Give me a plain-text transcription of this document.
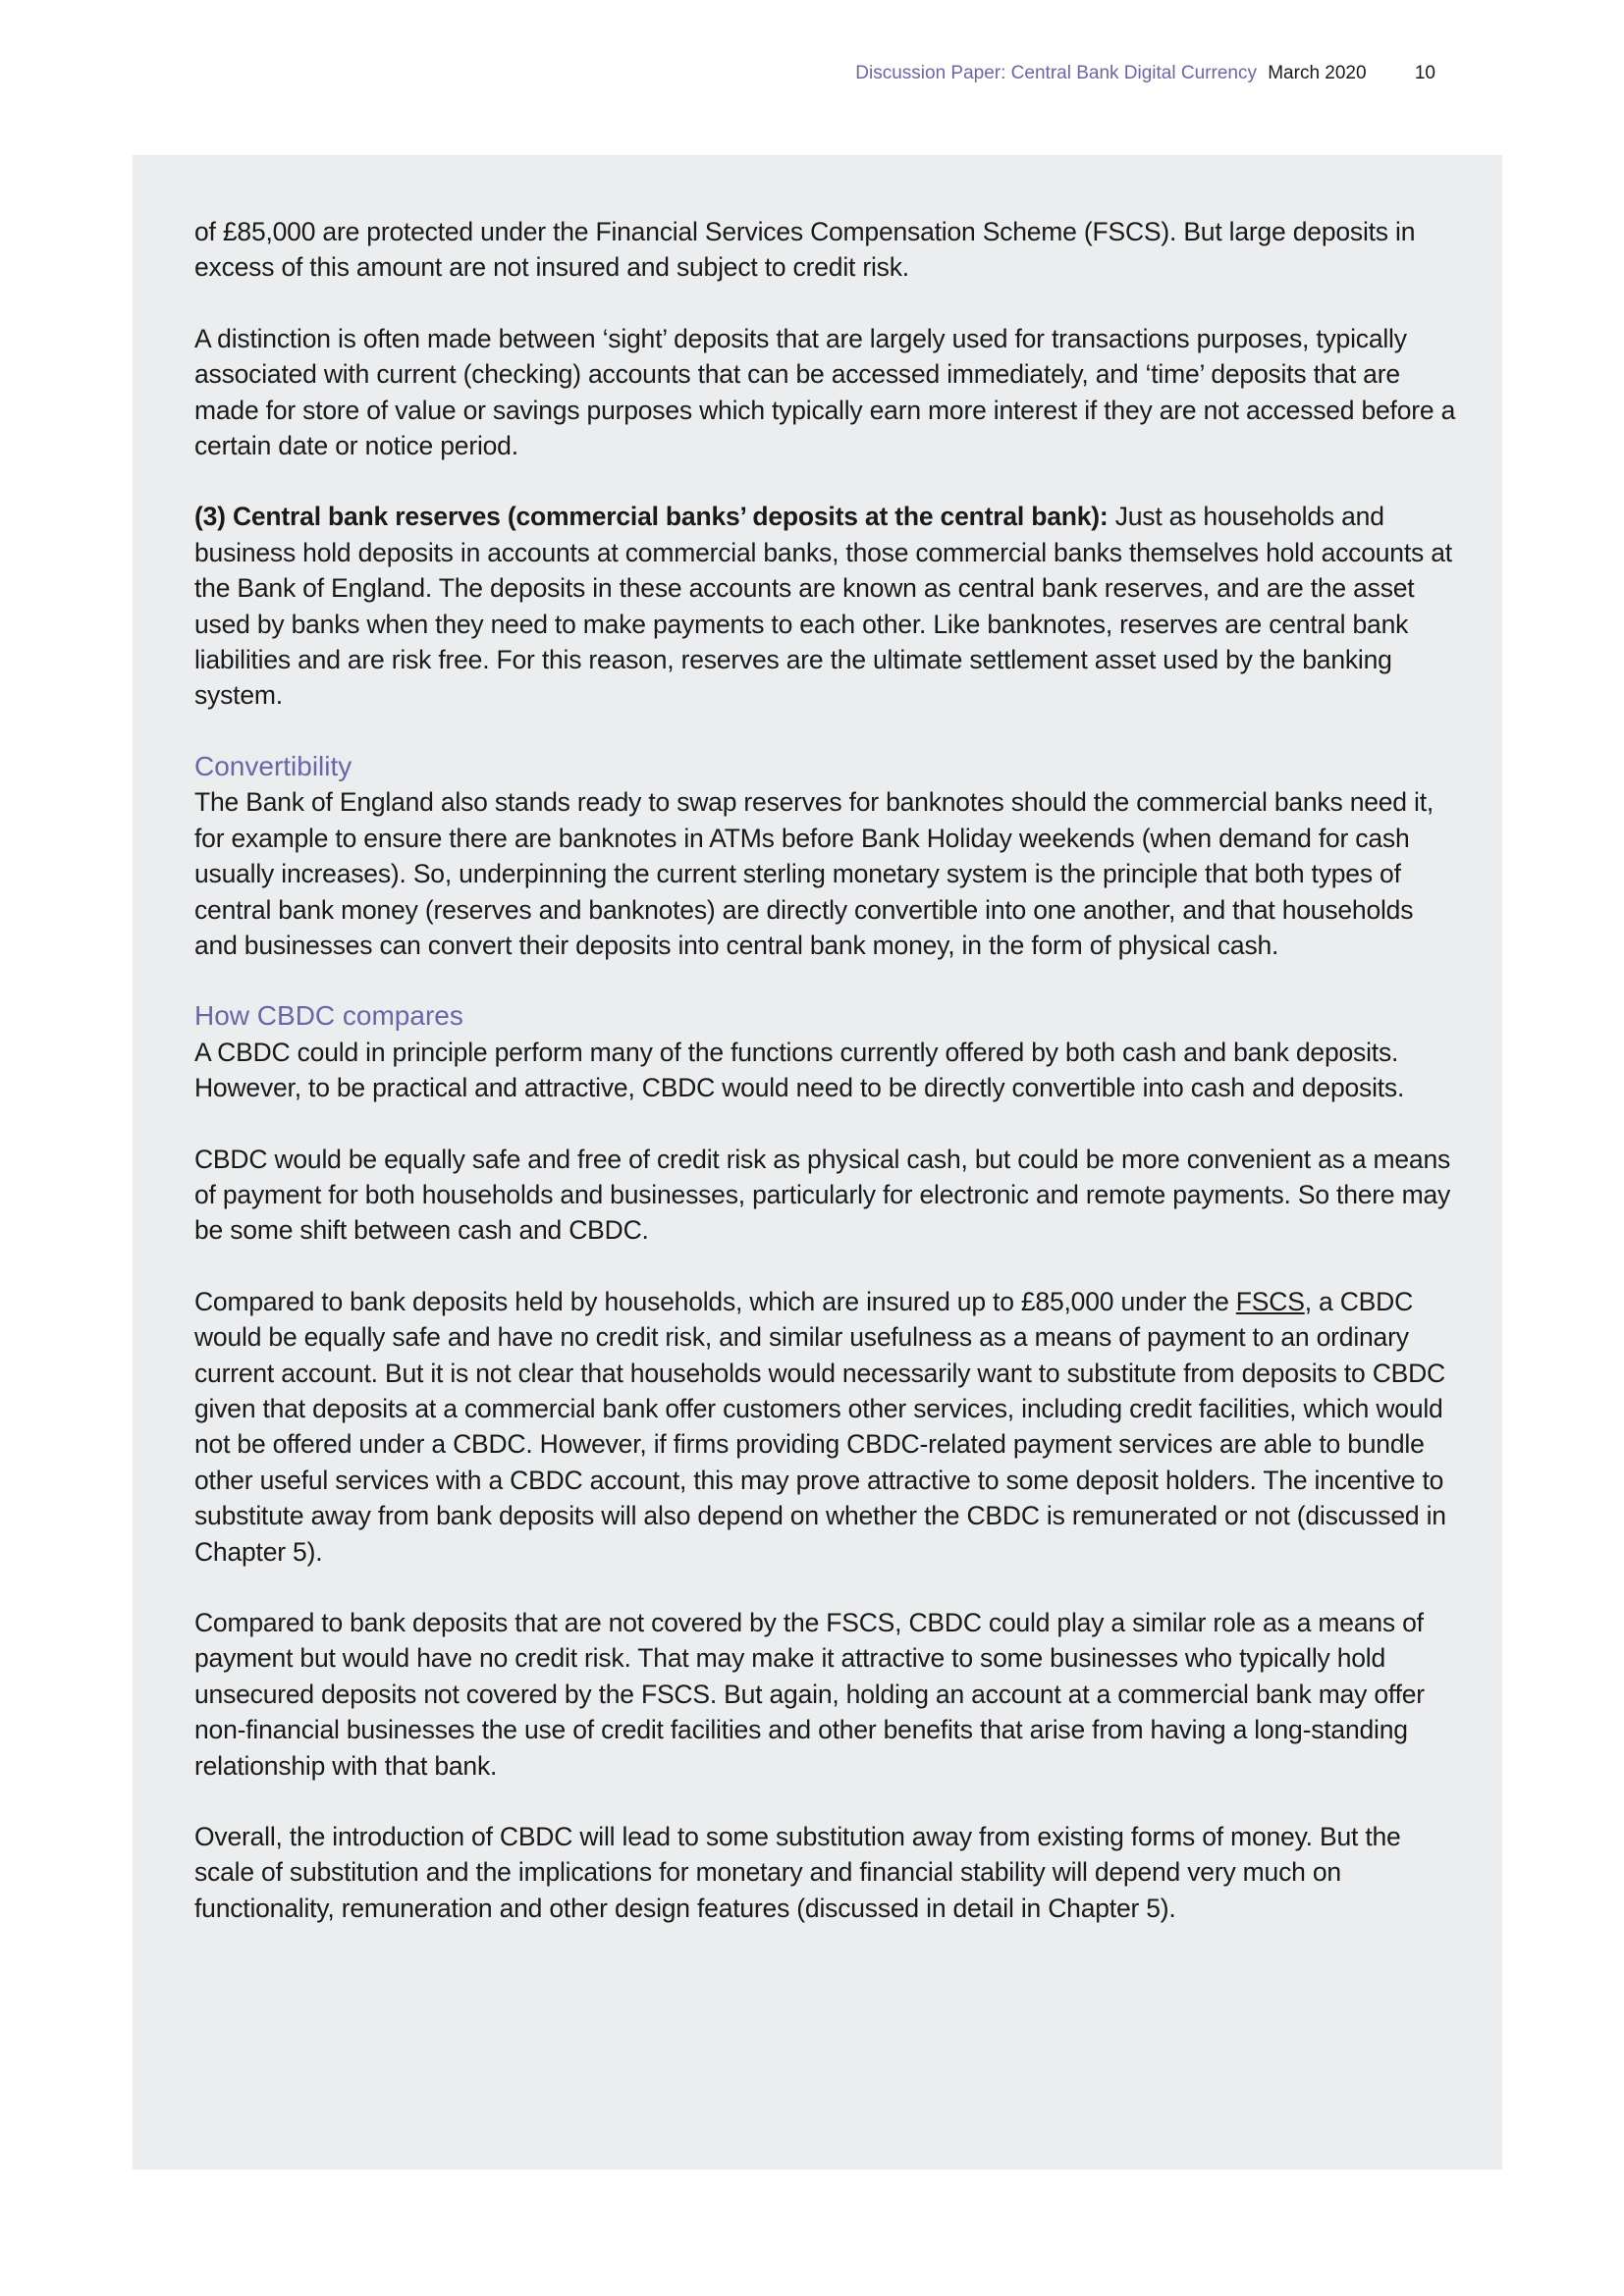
Discussion Paper: Central Bank Digital Currency March 2020	10

of £85,000 are protected under the Financial Services Compensation Scheme (FSCS). But large deposits in excess of this amount are not insured and subject to credit risk.

A distinction is often made between ‘sight’ deposits that are largely used for transactions purposes, typically associated with current (checking) accounts that can be accessed immediately, and ‘time’ deposits that are made for store of value or savings purposes which typically earn more interest if they are not accessed before a certain date or notice period.

(3) Central bank reserves (commercial banks’ deposits at the central bank): Just as households and business hold deposits in accounts at commercial banks, those commercial banks themselves hold accounts at the Bank of England. The deposits in these accounts are known as central bank reserves, and are the asset used by banks when they need to make payments to each other. Like banknotes, reserves are central bank liabilities and are risk free. For this reason, reserves are the ultimate settlement asset used by the banking system.

Convertibility

The Bank of England also stands ready to swap reserves for banknotes should the commercial banks need it, for example to ensure there are banknotes in ATMs before Bank Holiday weekends (when demand for cash usually increases). So, underpinning the current sterling monetary system is the principle that both types of central bank money (reserves and banknotes) are directly convertible into one another, and that households and businesses can convert their deposits into central bank money, in the form of physical cash.

How CBDC compares

A CBDC could in principle perform many of the functions currently offered by both cash and bank deposits. However, to be practical and attractive, CBDC would need to be directly convertible into cash and deposits.

CBDC would be equally safe and free of credit risk as physical cash, but could be more convenient as a means of payment for both households and businesses, particularly for electronic and remote payments. So there may be some shift between cash and CBDC.

Compared to bank deposits held by households, which are insured up to £85,000 under the FSCS, a CBDC would be equally safe and have no credit risk, and similar usefulness as a means of payment to an ordinary current account. But it is not clear that households would necessarily want to substitute from deposits to CBDC given that deposits at a commercial bank offer customers other services, including credit facilities, which would not be offered under a CBDC. However, if firms providing CBDC-related payment services are able to bundle other useful services with a CBDC account, this may prove attractive to some deposit holders. The incentive to substitute away from bank deposits will also depend on whether the CBDC is remunerated or not (discussed in Chapter 5).

Compared to bank deposits that are not covered by the FSCS, CBDC could play a similar role as a means of payment but would have no credit risk. That may make it attractive to some businesses who typically hold unsecured deposits not covered by the FSCS. But again, holding an account at a commercial bank may offer non-financial businesses the use of credit facilities and other benefits that arise from having a long-standing relationship with that bank.

Overall, the introduction of CBDC will lead to some substitution away from existing forms of money. But the scale of substitution and the implications for monetary and financial stability will depend very much on functionality, remuneration and other design features (discussed in detail in Chapter 5).
